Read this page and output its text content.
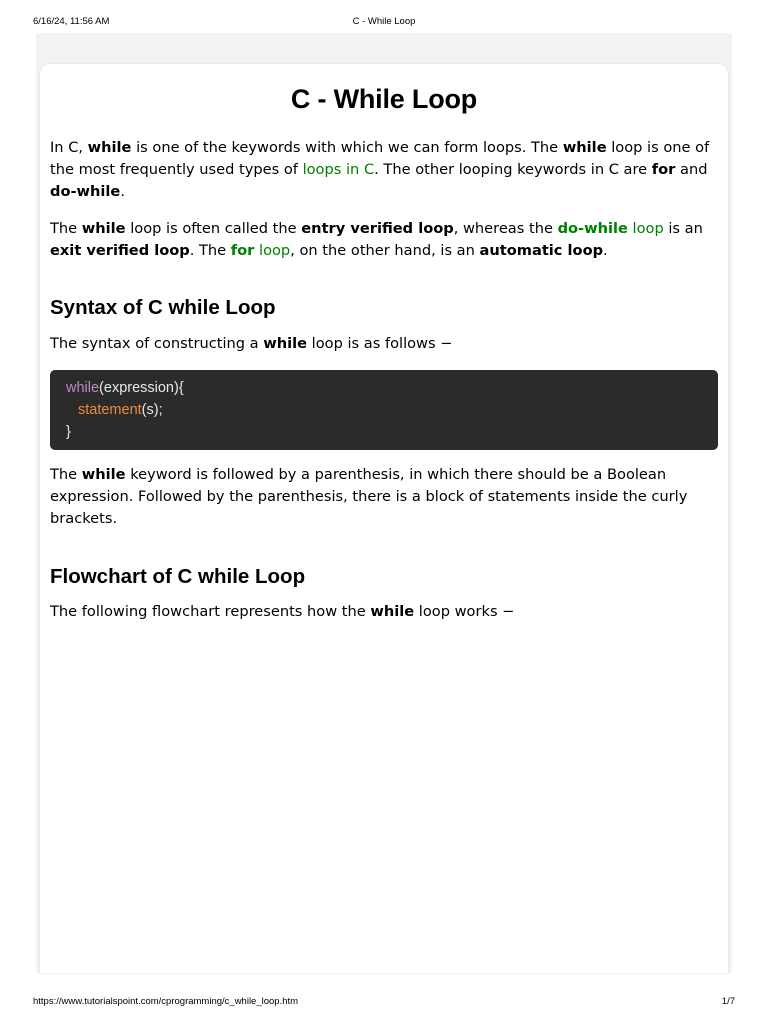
6/16/24, 11:56 AM	C - While Loop
C - While Loop

In C, while is one of the keywords with which we can form loops. The while loop is one of the most frequently used types of loops in C. The other looping keywords in C are for and do-while.

The while loop is often called the entry verified loop, whereas the do-while loop is an exit verified loop. The for loop, on the other hand, is an automatic loop.

Syntax of C while Loop

The syntax of constructing a while loop is as follows −

while(expression){
statement(s);
}

The while keyword is followed by a parenthesis, in which there should be a Boolean expression. Followed by the parenthesis, there is a block of statements inside the curly brackets.

Flowchart of C while Loop

The following flowchart represents how the while loop works −

https://www.tutorialspoint.com/cprogramming/c_while_loop.htm	1/7
